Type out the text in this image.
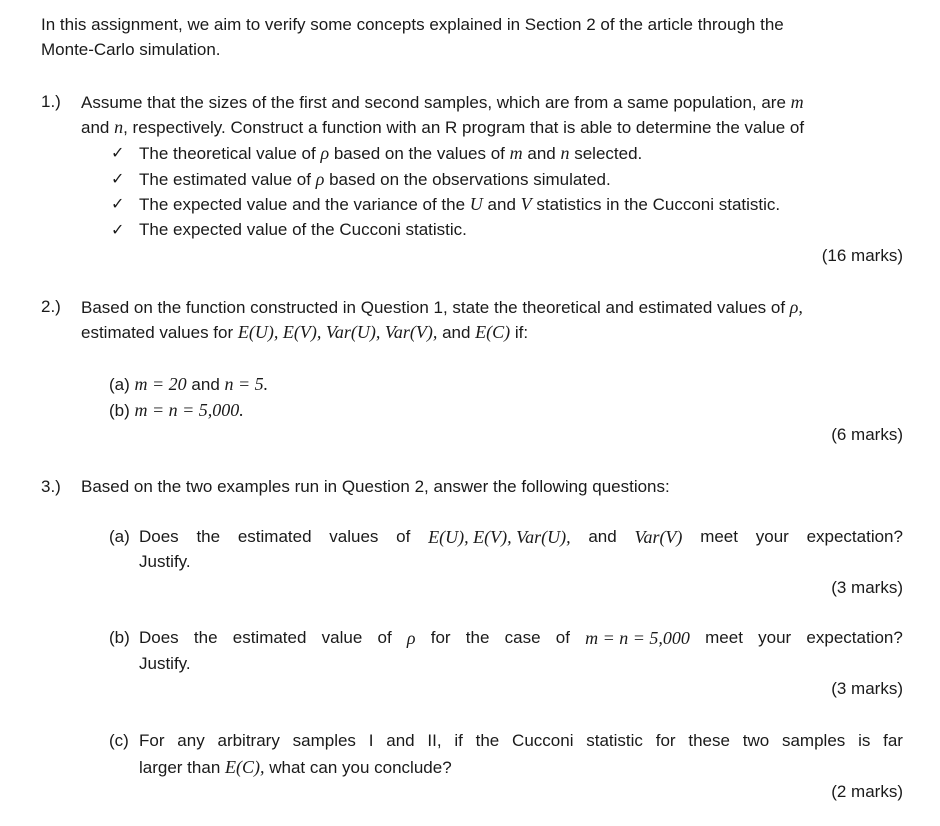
In this assignment, we aim to verify some concepts explained in Section 2 of the article through the
Monte-Carlo simulation.
1.) Assume that the sizes of the first and second samples, which are from a same population, are m
and n, respectively. Construct a function with an R program that is able to determine the value of
✓ The theoretical value of ρ based on the values of m and n selected.
✓ The estimated value of ρ based on the observations simulated.
✓ The expected value and the variance of the U and V statistics in the Cucconi statistic.
✓ The expected value of the Cucconi statistic.
(16 marks)
2.) Based on the function constructed in Question 1, state the theoretical and estimated values of ρ,
estimated values for E(U), E(V), Var(U), Var(V), and E(C) if:
(a) m = 20 and n = 5.
(b) m = n = 5,000.
(6 marks)
3.) Based on the two examples run in Question 2, answer the following questions:
(a) Does the estimated values of E(U), E(V), Var(U), and Var(V) meet your expectation?
Justify.
(3 marks)
(b) Does the estimated value of ρ for the case of m = n = 5,000 meet your expectation?
Justify.
(3 marks)
(c) For any arbitrary samples I and II, if the Cucconi statistic for these two samples is far
larger than E(C), what can you conclude?
(2 marks)
